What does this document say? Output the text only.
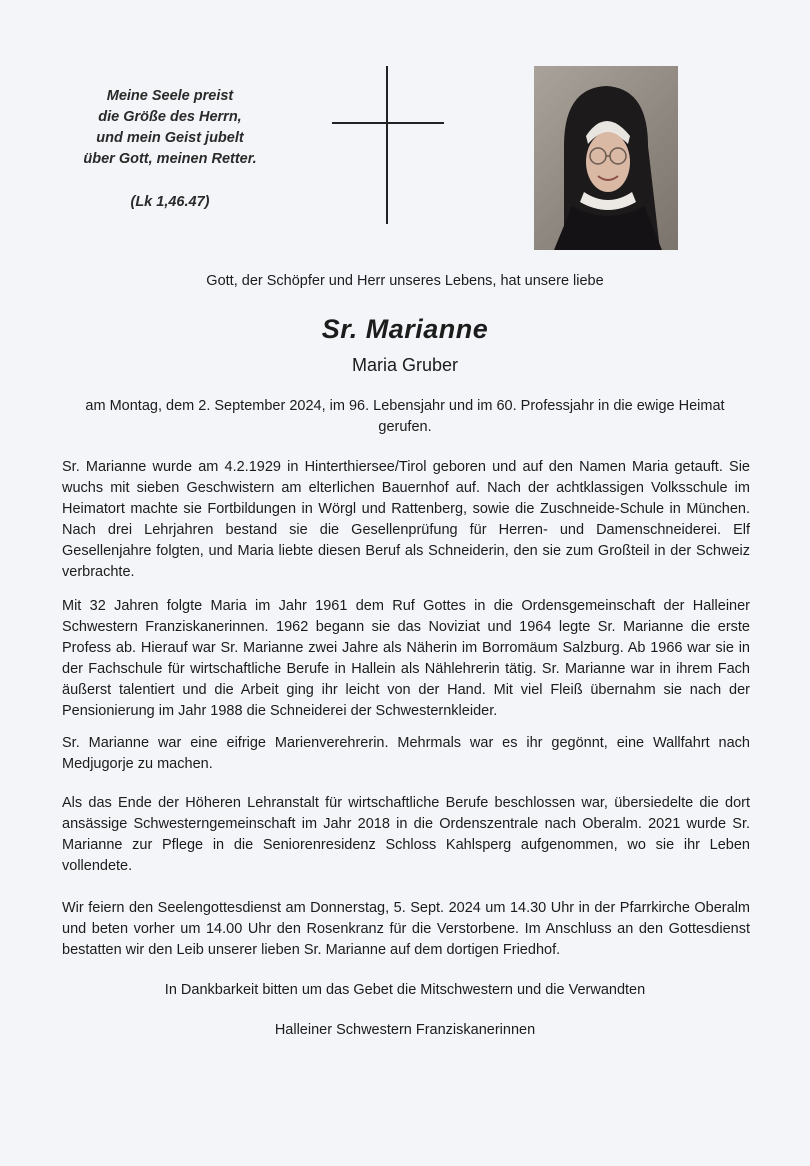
Meine Seele preist
die Größe des Herrn,
und mein Geist jubelt
über Gott, meinen Retter.
(Lk 1,46.47)
Gott, der Schöpfer und Herr unseres Lebens, hat unsere liebe
Sr. Marianne
Maria Gruber
am Montag, dem 2. September 2024, im 96. Lebensjahr und im 60. Professjahr in die ewige Heimat gerufen.
Sr. Marianne wurde am 4.2.1929 in Hinterthiersee/Tirol geboren und auf den Namen Maria getauft. Sie wuchs mit sieben Geschwistern am elterlichen Bauernhof auf. Nach der achtklassigen Volksschule im Heimatort machte sie Fortbildungen in Wörgl und Rattenberg, sowie die Zuschneide-Schule in München. Nach drei Lehrjahren bestand sie die Gesellenprüfung für Herren- und Damenschneiderei. Elf Gesellenjahre folgten, und Maria liebte diesen Beruf als Schneiderin, den sie zum Großteil in der Schweiz verbrachte.
Mit 32 Jahren folgte Maria im Jahr 1961 dem Ruf Gottes in die Ordensgemeinschaft der Halleiner Schwestern Franziskanerinnen. 1962 begann sie das Noviziat und 1964 legte Sr. Marianne die erste Profess ab. Hierauf war Sr. Marianne zwei Jahre als Näherin im Borromäum Salzburg. Ab 1966 war sie in der Fachschule für wirtschaftliche Berufe in Hallein als Nählehrerin tätig. Sr. Marianne war in ihrem Fach äußerst talentiert und die Arbeit ging ihr leicht von der Hand. Mit viel Fleiß übernahm sie nach der Pensionierung im Jahr 1988 die Schneiderei der Schwesternkleider.
Sr. Marianne war eine eifrige Marienverehrerin. Mehrmals war es ihr gegönnt, eine Wallfahrt nach Medjugorje zu machen.
Als das Ende der Höheren Lehranstalt für wirtschaftliche Berufe beschlossen war, übersiedelte die dort ansässige Schwesterngemeinschaft im Jahr 2018 in die Ordenszentrale nach Oberalm. 2021 wurde Sr. Marianne zur Pflege in die Seniorenresidenz Schloss Kahlsperg aufgenommen, wo sie ihr Leben vollendete.
Wir feiern den Seelengottesdienst am Donnerstag, 5. Sept. 2024 um 14.30 Uhr in der Pfarrkirche Oberalm und beten vorher um 14.00 Uhr den Rosenkranz für die Verstorbene. Im Anschluss an den Gottesdienst bestatten wir den Leib unserer lieben Sr. Marianne auf dem dortigen Friedhof.
In Dankbarkeit bitten um das Gebet die Mitschwestern und die Verwandten
Halleiner Schwestern Franziskanerinnen
